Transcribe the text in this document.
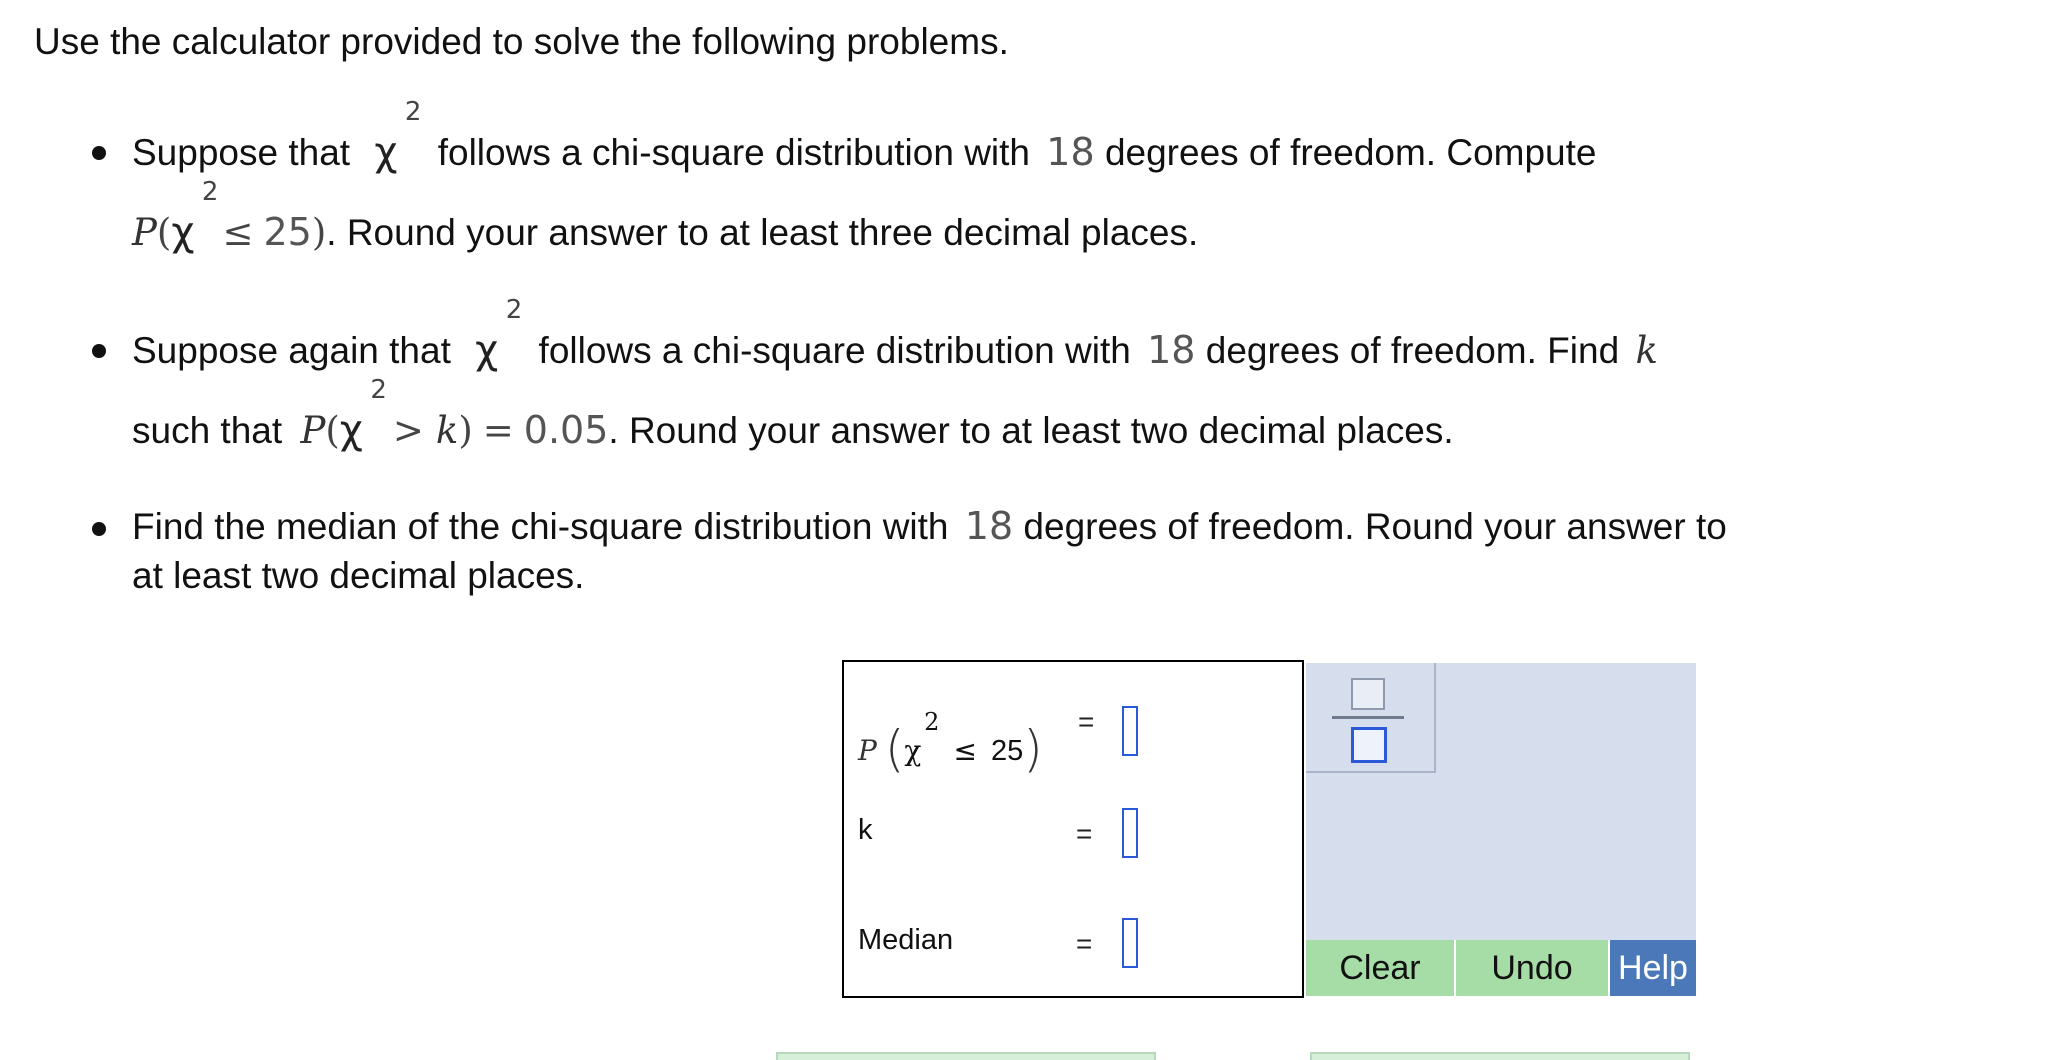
Use the calculator provided to solve the following problems.
Suppose that χ
2
follows a chi-square distribution with 18 degrees of freedom. Compute
P(χ
2
≤ 25). Round your answer to at least three decimal places.
Suppose again that χ
2
follows a chi-square distribution with 18 degrees of freedom. Find k
such that P(χ
2
> k) = 0.05. Round your answer to at least two decimal places.
Find the median of the chi-square distribution with 18 degrees of freedom. Round your answer to
at least two decimal places.
P (χ
2
≤ 25) =
k	=
Median	=
Clear	Undo	Help
